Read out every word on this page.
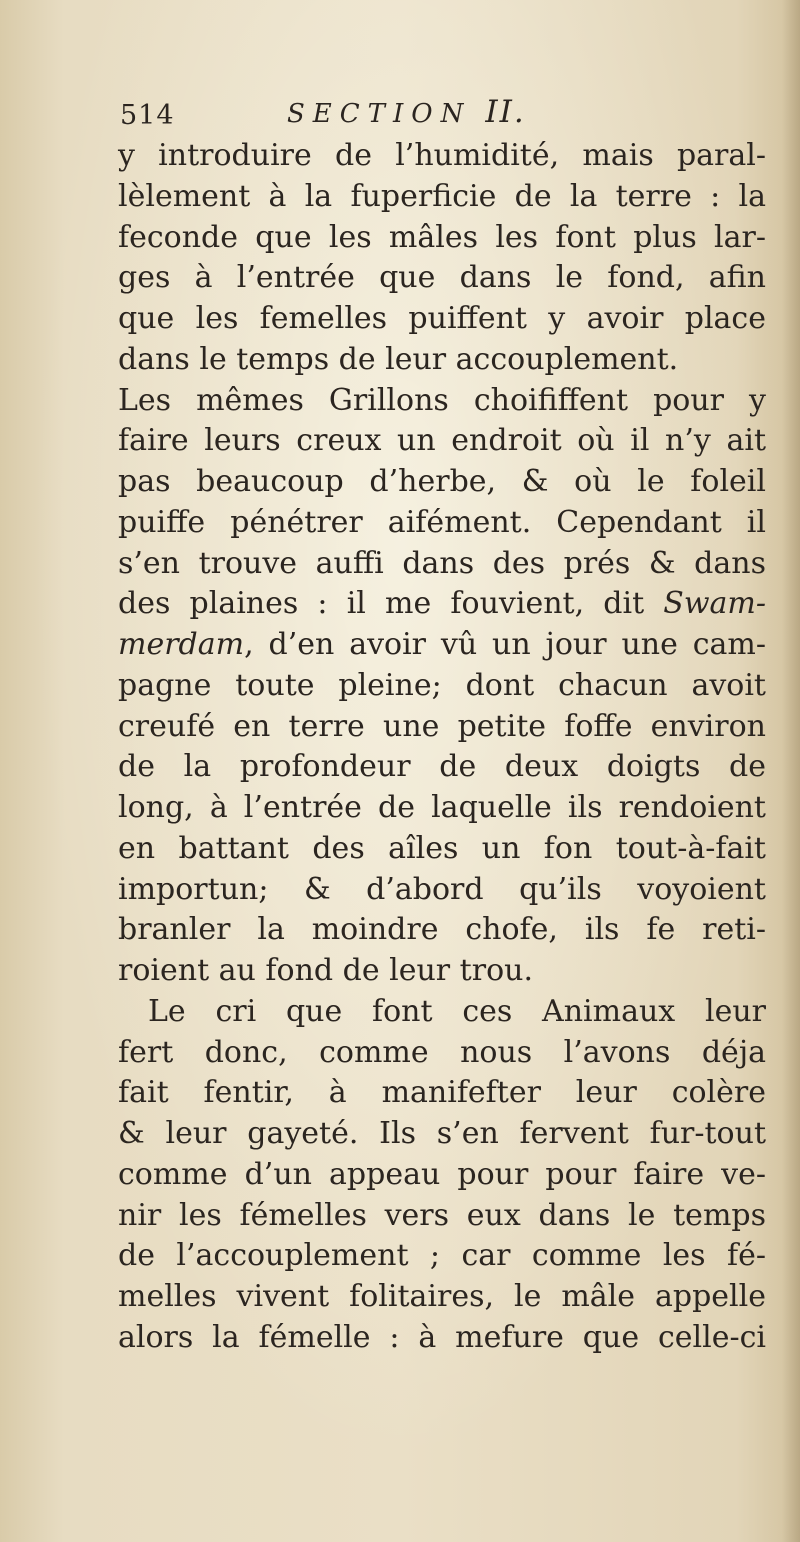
514	SECTION II.
y introduire de l’humidité, mais paral-
lèlement à la fuperficie de la terre : la
feconde que les mâles les font plus lar-
ges à l’entrée que dans le fond, afin
que les femelles puiffent y avoir place
dans le temps de leur accouplement.
Les mêmes Grillons choififfent pour y
faire leurs creux un endroit où il n’y ait
pas beaucoup d’herbe, & où le foleil
puiffe pénétrer aifément. Cependant il
s’en trouve auffi dans des prés & dans
des plaines : il me fouvient, dit Swam-
merdam, d’en avoir vû un jour une cam-
pagne toute pleine; dont chacun avoit
creufé en terre une petite foffe environ
de la profondeur de deux doigts de
long, à l’entrée de laquelle ils rendoient
en battant des aîles un fon tout-à-fait
importun; & d’abord qu’ils voyoient
branler la moindre chofe, ils fe reti-
roient au fond de leur trou.
Le cri que font ces Animaux leur
fert donc, comme nous l’avons déja
fait fentir, à manifefter leur colère
& leur gayeté. Ils s’en fervent fur-tout
comme d’un appeau pour pour faire ve-
nir les fémelles vers eux dans le temps
de l’accouplement ; car comme les fé-
melles vivent folitaires, le mâle appelle
alors la fémelle : à mefure que celle-ci
